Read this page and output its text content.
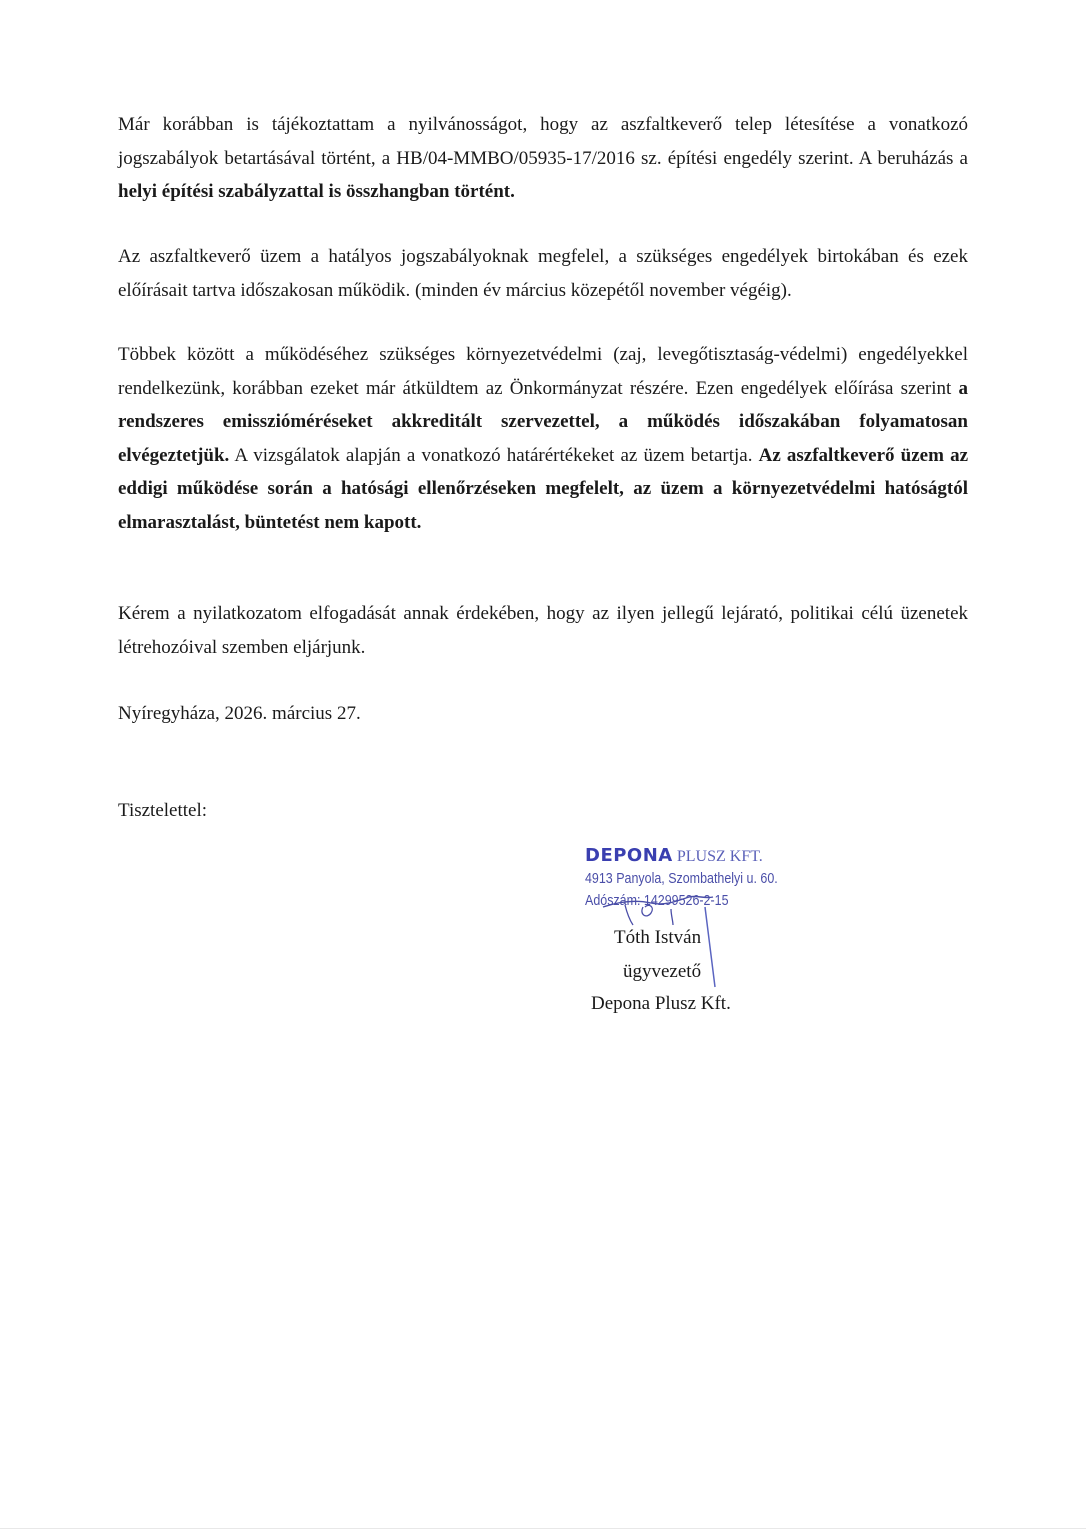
Már korábban is tájékoztattam a nyilvánosságot, hogy az aszfaltkeverő telep létesítése a vonatkozó jogszabályok betartásával történt, a HB/04-MMBO/05935-17/2016 sz. építési engedély szerint. A beruházás a helyi építési szabályzattal is összhangban történt.
Az aszfaltkeverő üzem a hatályos jogszabályoknak megfelel, a szükséges engedélyek birtokában és ezek előírásait tartva időszakosan működik. (minden év március közepétől november végéig).
Többek között a működéséhez szükséges környezetvédelmi (zaj, levegőtisztaság-védelmi) engedélyekkel rendelkezünk, korábban ezeket már átküldtem az Önkormányzat részére. Ezen engedélyek előírása szerint a rendszeres emisszióméréseket akkreditált szervezettel, a működés időszakában folyamatosan elvégeztetjük. A vizsgálatok alapján a vonatkozó határértékeket az üzem betartja. Az aszfaltkeverő üzem az eddigi működése során a hatósági ellenőrzéseken megfelelt, az üzem a környezetvédelmi hatóságtól elmarasztalást, büntetést nem kapott.
Kérem a nyilatkozatom elfogadását annak érdekében, hogy az ilyen jellegű lejárató, politikai célú üzenetek létrehozóival szemben eljárjunk.
Nyíregyháza, 2026. március 27.
Tisztelettel:
DEPONA PLUSZ KFT.
4913 Panyola, Szombathelyi u. 60.
Adószám: 14299526-2-15
Tóth István
ügyvezető
Depona Plusz Kft.
